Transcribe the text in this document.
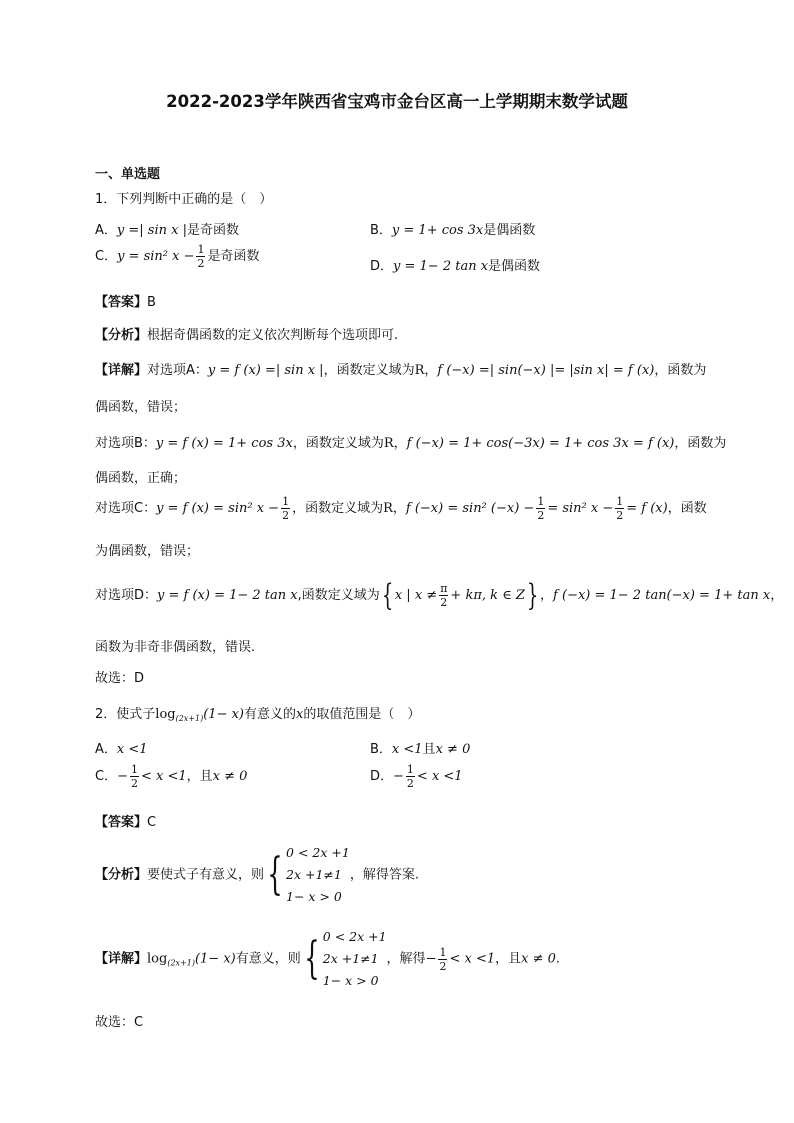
2022-2023学年陕西省宝鸡市金台区高一上学期期末数学试题
一、单选题
1．下列判断中正确的是（　）
A．y =| sin x |是奇函数	B．y = 1+ cos 3x是偶函数
C．y = sin² $x - \frac{1}{2}$ 是奇函数
D．y = 1− 2 tan x是偶函数
【答案】B
【分析】根据奇偶函数的定义依次判断每个选项即可.
【详解】对选项A：y = f (x) =| sin x |，函数定义域为R，f (−x) =| sin(−x) |= |sin x| = f (x)，函数为
偶函数，错误；
对选项B：y = f (x) = 1+ cos 3x，函数定义域为R，f (−x) = 1+ cos(−3x) = 1+ cos 3x = f (x)，函数为
偶函数，正确；
对选项C：y = f (x) = sin² $x - \frac{1}{2}$ ，函数定义域为R，f (−x) = sin² $(-x) - \frac{1}{2} = \sin^2$ $x - \frac{1}{2} = f$ (x)，函数
为偶函数，错误；
对选项D：y = f (x) = 1− 2 tan x,函数定义域为{ x | $x \ne \frac{\pi}{2} + k\pi$, k ∈ Z} ，f (−x) = 1− 2 tan(−x) = 1+ tan x，
函数为非奇非偶函数，错误.
故选：D
2．使式子$\log_{(2x+1)}(1- x)$有意义的x的取值范围是（　）
A．x <1	B．x <1且x ≠ 0
C．− $\frac{1}{2} < x <1$，且x ≠ 0	D．− $\frac{1}{2} < x <1$
【答案】C
【分析】要使式子有意义，则{ 0 < 2x +1
2x +1≠1
1− x > 0
，解得答案.
【详解】$\log_{(2x+1)}(1- x)$有意义，则{ 0 < 2x +1
2x +1≠1
1− x > 0
，解得− $\frac{1}{2} < x <1$，且x ≠ 0.
故选：C
